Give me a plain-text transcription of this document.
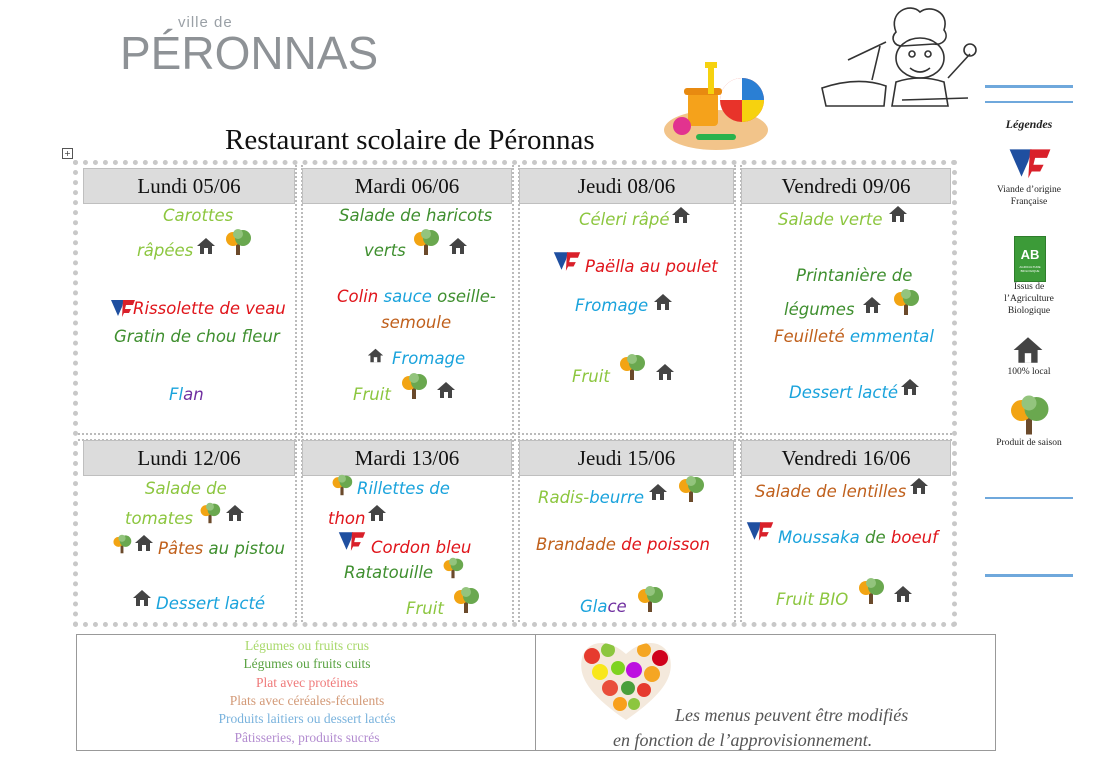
ville de
PÉRONNAS
Restaurant scolaire de Péronnas
+
Lundi 05/06	Mardi 06/06	Jeudi 08/06	Vendredi 09/06
Lundi 12/06	Mardi 13/06	Jeudi 15/06	Vendredi 16/06
Carottes
râpées
Rissolette de veau
Gratin de chou fleur
Flan
Salade de haricots
verts
Colin sauce oseille-
semoule
Fromage
Fruit
Céleri râpé
Paëlla au poulet
Fromage
Fruit
Salade verte
Printanière de
légumes
Feuilleté emmental
Dessert lacté
Salade de
tomates
Pâtes au pistou
Dessert lacté
Rillettes de
thon
Cordon bleu
Ratatouille
Fruit
Radis-beurre
Brandade de poisson
Glace
Salade de lentilles
Moussaka de boeuf
Fruit BIO
Légendes
Viande d’origine Française
AB
AGRICULTURE BIOLOGIQUE
Issus de l’Agriculture Biologique
100% local
Produit de saison
Légumes ou fruits crus
Légumes ou fruits cuits
Plat avec protéines
Plats avec céréales-féculents
Produits laitiers ou dessert lactés
Pâtisseries, produits sucrés
Les menus peuvent être modifiés
en fonction de l’approvisionnement.
